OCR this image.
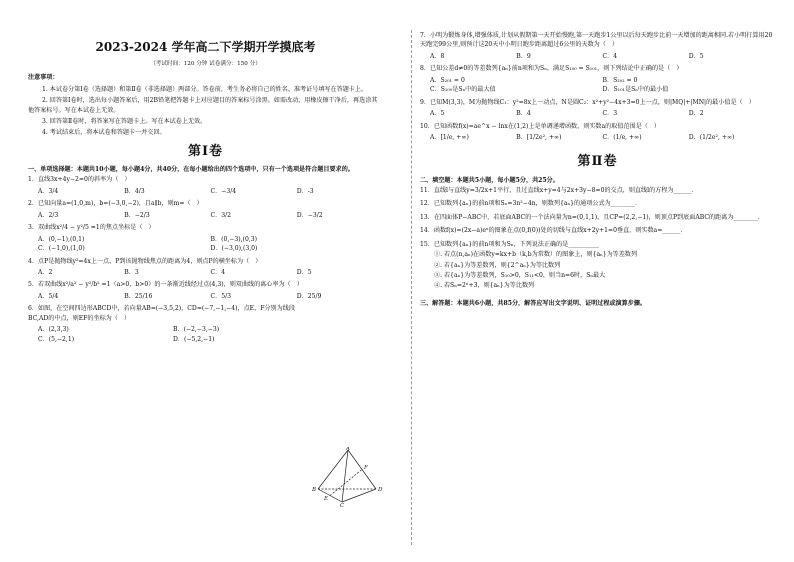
2023-2024 学年高二下学期开学摸底考
（考试时间：120 分钟 试卷满分：150 分）
注意事项：
1. 本试卷分第Ⅰ卷（选择题）和第Ⅱ卷（非选择题）两部分。答卷前，考生务必将自己的姓名、准考证号填写在答题卡上。
2. 回答第Ⅰ卷时，选出每小题答案后，用2B铅笔把答题卡上对应题目的答案标号涂黑。如需改动，用橡皮擦干净后，再选涂其他答案标号。写在本试卷上无效。
3. 回答第Ⅱ卷时，将答案写在答题卡上。写在本试卷上无效。
4. 考试结束后，将本试卷和答题卡一并交回。
第Ⅰ卷
一、单项选择题：本题共10小题，每小题4分，共40分，在每小题给出的四个选项中，只有一个选项是符合题目要求的。
1．直线3x+4y−2=0的斜率为（　）
A．3/4	B．4/3	C．−3/4	D．-3
2．已知向量a=(1,0,m)，b=(−3,0,−2)，且a∥b，则m=（　）
A．2/3	B．−2/3	C．3/2	D．−3/2
3．双曲线x²/4 − y²/5 =1的焦点坐标是（　）
A．(0,−1),(0,1)	B．(0,−3),(0,3)
C．(−1,0),(1,0)	D．(−3,0),(3,0)
4．点P是抛物线y²=4x上一点，P到该抛物线焦点的距离为4，则点P的横坐标为（　）
A．2	B．3	C．4	D．5
5．若双曲线x²/a² − y²/b² =1（a>0，b>0）的一条渐近线经过点(4,3)，则双曲线的离心率为（　）
A．5/4	B．25/16	C．5/3	D．25/9
6．如图，在空间四边形ABCD中，若向量AB=(−3,5,2)，CD=(−7,−1,−4)，点E，F分别为线段BC,AD的中点，则EF的坐标为（　）
A．(2,3,3)	B．(−2,−3,−3)
C．(5,−2,1)	D．(−5,2,−1)
A
B
C
D
E
F
7．小明为锻炼身体,增强体质,计划从假期第一天开始慢跑,第一天跑步1公里以后每天跑步比前一天增加的距离相同.若小明打算用20天跑完99公里,则预计这20天中小明日跑步距离超过6公里的天数为（　）
A．8	B．9	C．4	D．5
8．已知公差d≠0的等差数列{aₙ}前n项和为Sₙ，满足S₁₀₀ = S₁₀₁，则下列结论中正确的是（　）
A．S₂₀₁ = 0	B．S₂₀₂ = 0
C．S₁₀₀是Sₙ中的最大值	D．S₁₀₁是Sₙ中的最小值
9．已知M(3,3)，M为抛物线C₁：y²=8x上一动点，N是圆C₂：x²+y²−4x+3=0上一点，则|MQ|+|MN|的最小值是（　）
A．5	B．4	C．3	D．2
10．已知函数f(x)=ae^x − lnx在(1,2)上是单调递增函数，则实数a的取值范围是（　）
A．[1/e, +∞)	B．[1/2e², +∞)	C．(1/e, +∞)	D．(1/2e², +∞)
第Ⅱ卷
二、填空题：本题共5小题，每小题5分，共25分。
11．直线l与直线y=3/2x+1平行，且过直线x+y=4与2x+3y−8=0的交点，则直线l的方程为______．
12．已知数列{aₙ}的前n项和Sₙ=3n²−4n，则数列{aₙ}的通项公式为________．
13．在四面体P−ABC中，若底面ABC的一个法向量为n=(0,1,1)，且CP=(2,2,−1)，则顶点P到底面ABC的距离为________．
14．函数f(x)=(2x−a)eˣ的图象在点(0,f(0))处的切线与直线x+2y+1=0垂直，则实数a=______．
15．已知数列{aₙ}的前n项和为Sₙ，下列说法正确的是__________
①. 若点(n,aₙ)在函数y=kx+b（k,b为常数）的图象上，则{aₙ}为等差数列
②. 若{aₙ}为等差数列，则{2^aₙ}为等比数列
③. 若{aₙ}为等差数列，S₁₀>0，S₁₁<0，则当n=6时，Sₙ最大
④. 若Sₙ=2ⁿ+3，则{aₙ}为等比数列
三、解答题：本题共6小题，共85分，解答应写出文字说明、证明过程或演算步骤。
